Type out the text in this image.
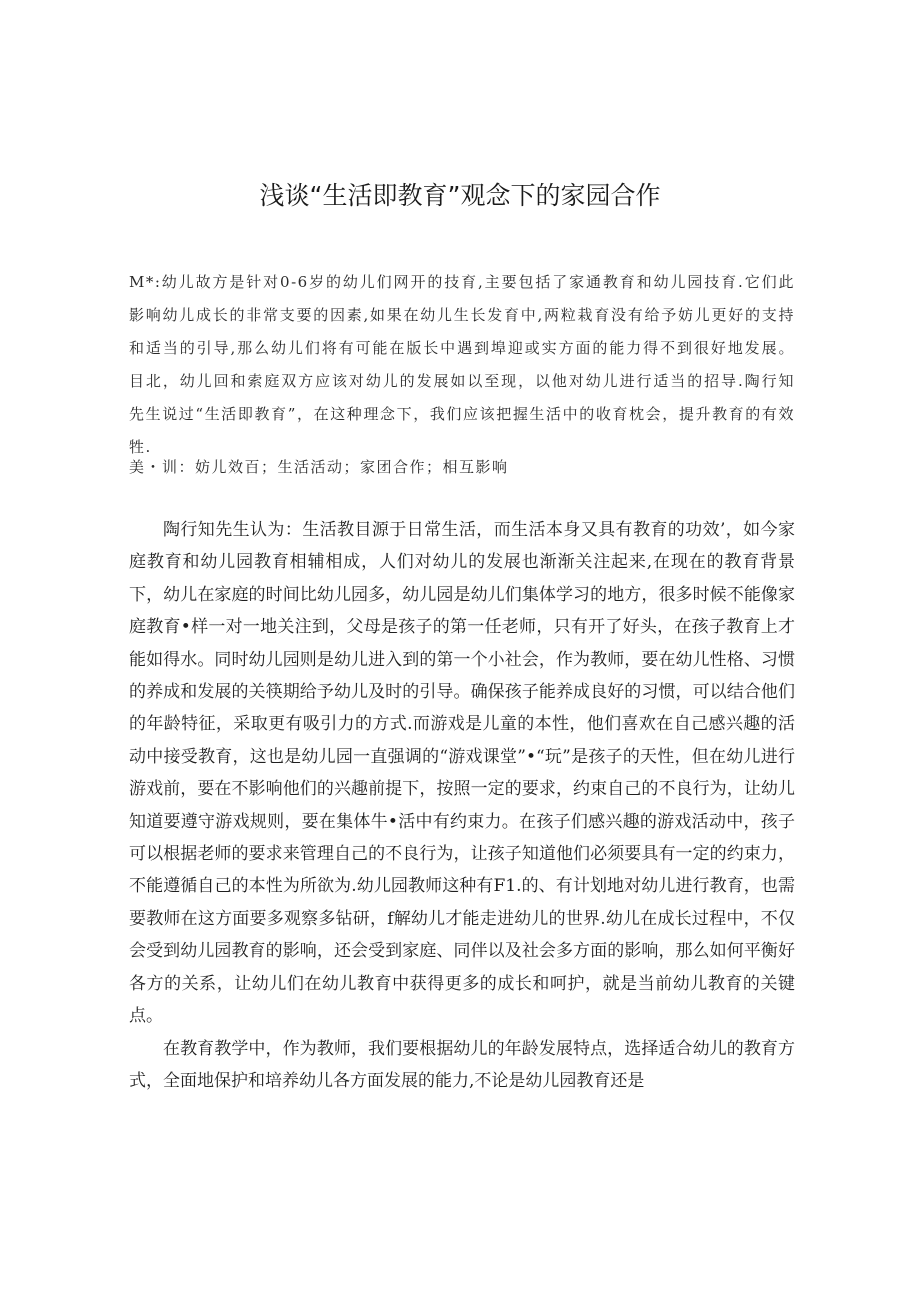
浅谈“生活即教育”观念下的家园合作
M*:幼儿故方是针对0-6岁的幼儿们网开的技育,主要包括了家通教育和幼儿园技育.它们此影响幼儿成长的非常支要的因素,如果在幼儿生长发育中,两粒栽育没有给予妨儿更好的支持和适当的引导,那么幼儿们将有可能在版长中遇到埠迎或实方面的能力得不到很好地发展。目北，幼儿回和索庭双方应该对幼儿的发展如以至现，以他对幼儿进行适当的招导.陶行知先生说过“生活即教育”，在这种理念下，我们应该把握生活中的收育枕会，提升教育的有效牲.
美・训：妨儿效百；生活活动；家团合作；相互影响

陶行知先生认为：生活教目源于日常生活，而生活本身又具有教育的功效’，如今家庭教育和幼儿园教育相辅相成，人们对幼儿的发展也渐渐关注起来,在现在的教育背景下，幼儿在家庭的时间比幼儿园多，幼儿园是幼儿们集体学习的地方，很多时候不能像家庭教育•样一对一地关注到，父母是孩子的第一任老师，只有开了好头，在孩子教育上才能如得水。同时幼儿园则是幼儿进入到的第一个小社会，作为教师，要在幼儿性格、习惯的养成和发展的关筷期给予幼儿及时的引导。确保孩子能养成良好的习惯，可以结合他们的年龄特征，采取更有吸引力的方式.而游戏是儿童的本性，他们喜欢在自己感兴趣的活动中接受教育，这也是幼儿园一直强调的“游戏课堂”•“玩”是孩子的天性，但在幼儿进行游戏前，要在不影响他们的兴趣前提下，按照一定的要求，约束自己的不良行为，让幼儿知道要遵守游戏规则，要在集体牛•活中有约束力。在孩子们感兴趣的游戏活动中，孩子可以根据老师的要求来管理自己的不良行为，让孩子知道他们必须要具有一定的约束力，不能遵循自己的本性为所欲为.幼儿园教师这种有F1.的、有计划地对幼儿进行教育，也需要教师在这方面要多观察多钻研，f解幼儿才能走进幼儿的世界.幼儿在成长过程中，不仅会受到幼儿园教育的影响，还会受到家庭、同伴以及社会多方面的影响，那么如何平衡好各方的关系，让幼儿们在幼儿教育中获得更多的成长和呵护，就是当前幼儿教育的关键点。

在教育教学中，作为教师，我们要根据幼儿的年龄发展特点，选择适合幼儿的教育方式，全面地保护和培养幼儿各方面发展的能力,不论是幼儿园教育还是
